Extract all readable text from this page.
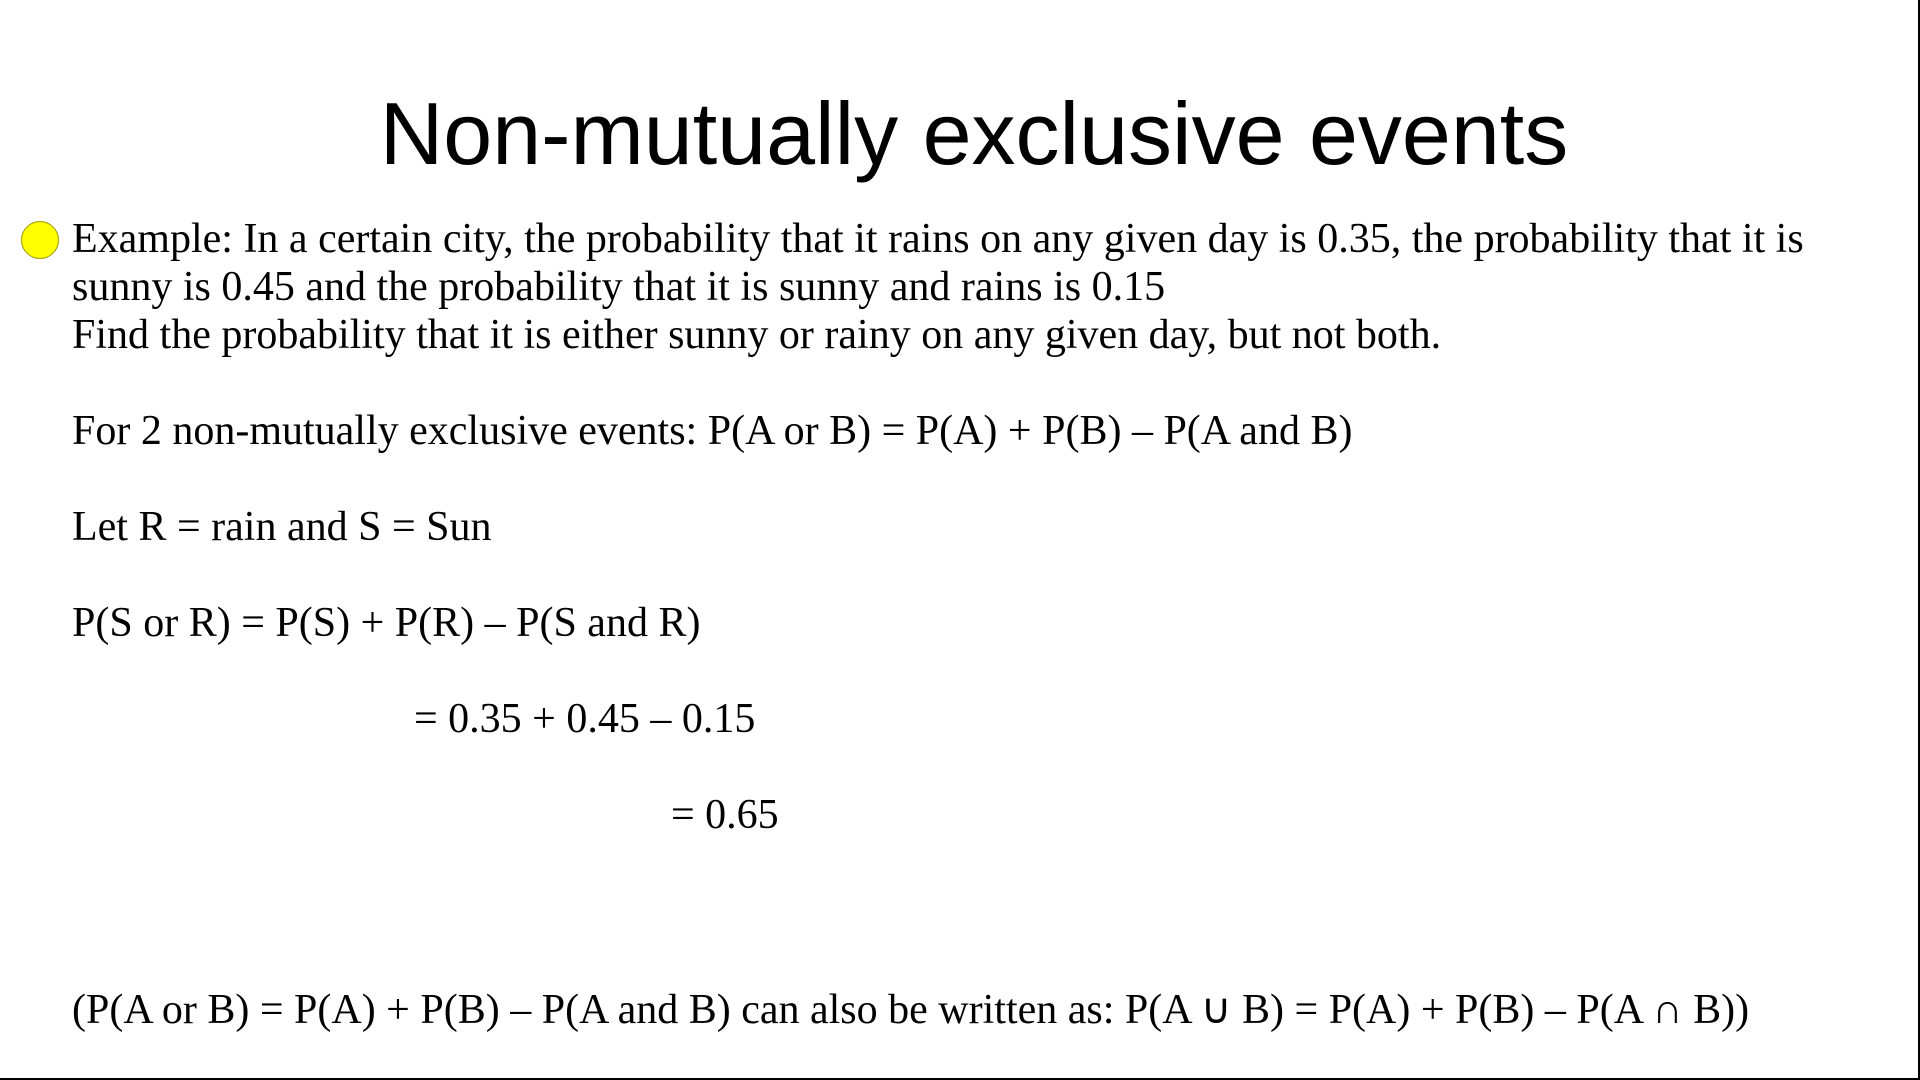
Non-mutually exclusive events
Example: In a certain city, the probability that it rains on any given day is 0.35, the probability that it is
sunny is 0.45 and the probability that it is sunny and rains is 0.15
Find the probability that it is either sunny or rainy on any given day, but not both.
For 2 non-mutually exclusive events: P(A or B) = P(A) + P(B) – P(A and B)
Let R = rain and S = Sun
P(S or R) = P(S) + P(R) – P(S and R)
= 0.35 + 0.45 – 0.15
= 0.65
(P(A or B) = P(A) + P(B) – P(A and B) can also be written as: P(A ∪ B) = P(A) + P(B) – P(A ∩ B))
